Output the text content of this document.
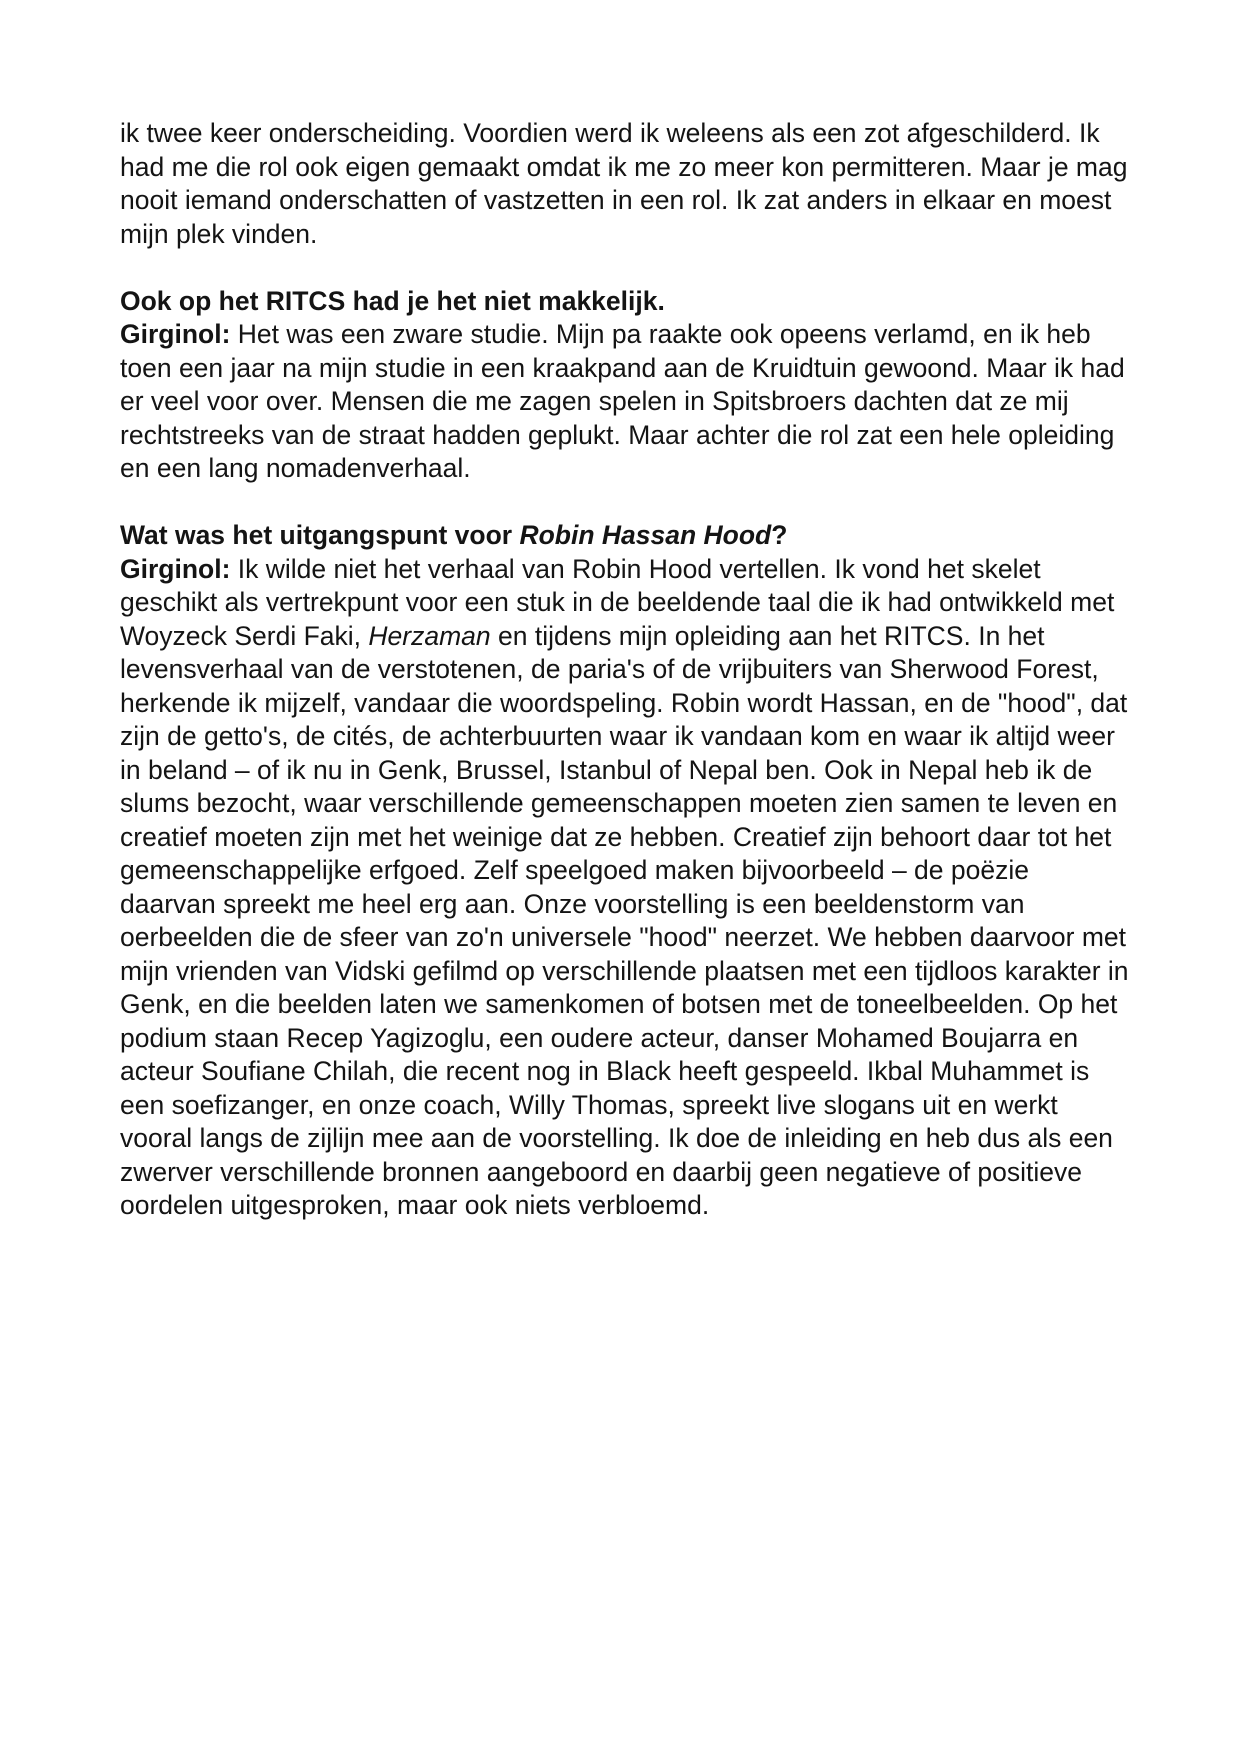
ik twee keer onderscheiding. Voordien werd ik weleens als een zot afgeschilderd. Ik had me die rol ook eigen gemaakt omdat ik me zo meer kon permitteren. Maar je mag nooit iemand onderschatten of vastzetten in een rol. Ik zat anders in elkaar en moest mijn plek vinden.

Ook op het RITCS had je het niet makkelijk.
Girginol: Het was een zware studie. Mijn pa raakte ook opeens verlamd, en ik heb toen een jaar na mijn studie in een kraakpand aan de Kruidtuin gewoond. Maar ik had er veel voor over. Mensen die me zagen spelen in Spitsbroers dachten dat ze mij rechtstreeks van de straat hadden geplukt. Maar achter die rol zat een hele opleiding en een lang nomadenverhaal.
Wat was het uitgangspunt voor Robin Hassan Hood?
Girginol: Ik wilde niet het verhaal van Robin Hood vertellen. Ik vond het skelet geschikt als vertrekpunt voor een stuk in de beeldende taal die ik had ontwikkeld met Woyzeck Serdi Faki, Herzaman en tijdens mijn opleiding aan het RITCS. In het levensverhaal van de verstotenen, de paria's of de vrijbuiters van Sherwood Forest, herkende ik mijzelf, vandaar die woordspeling. Robin wordt Hassan, en de "hood", dat zijn de getto's, de cités, de achterbuurten waar ik vandaan kom en waar ik altijd weer in beland – of ik nu in Genk, Brussel, Istanbul of Nepal ben. Ook in Nepal heb ik de slums bezocht, waar verschillende gemeenschappen moeten zien samen te leven en creatief moeten zijn met het weinige dat ze hebben. Creatief zijn behoort daar tot het gemeenschappelijke erfgoed. Zelf speelgoed maken bijvoorbeeld – de poëzie daarvan spreekt me heel erg aan. Onze voorstelling is een beeldenstorm van oerbeelden die de sfeer van zo'n universele "hood" neerzet. We hebben daarvoor met mijn vrienden van Vidski gefilmd op verschillende plaatsen met een tijdloos karakter in Genk, en die beelden laten we samenkomen of botsen met de toneelbeelden. Op het podium staan Recep Yagizoglu, een oudere acteur, danser Mohamed Boujarra en acteur Soufiane Chilah, die recent nog in Black heeft gespeeld. Ikbal Muhammet is een soefizanger, en onze coach, Willy Thomas, spreekt live slogans uit en werkt vooral langs de zijlijn mee aan de voorstelling. Ik doe de inleiding en heb dus als een zwerver verschillende bronnen aangeboord en daarbij geen negatieve of positieve oordelen uitgesproken, maar ook niets verbloemd.
